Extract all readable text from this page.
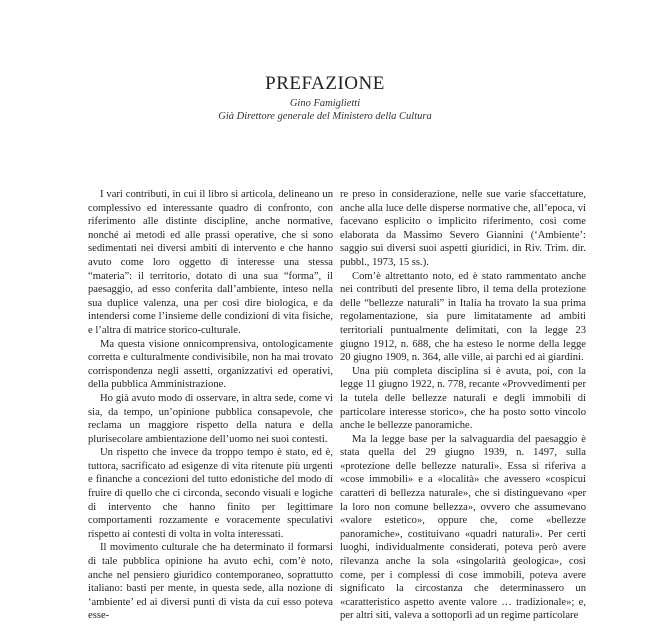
PREFAZIONE
Gino Famiglietti
Già Direttore generale del Ministero della Cultura

I vari contributi, in cui il libro si articola, delineano un complessivo ed interessante quadro di confronto, con riferimento alle distinte discipline, anche normative, nonché ai metodi ed alle prassi operative, che si sono sedimentati nei diversi ambiti di intervento e che hanno avuto come loro oggetto di interesse una stessa “materia”: il territorio, dotato di una sua “forma”, il paesaggio, ad esso conferita dall’ambiente, inteso nella sua duplice valenza, una per così dire biologica, e da intendersi come l’insieme delle condizioni di vita fisiche, e l’altra di matrice storico-culturale.

Ma questa visione onnicomprensiva, ontologicamente corretta e culturalmente condivisibile, non ha mai trovato corrispondenza negli assetti, organizzativi ed operativi, della pubblica Amministrazione.

Ho già avuto modo di osservare, in altra sede, come vi sia, da tempo, un’opinione pubblica consapevole, che reclama un maggiore rispetto della natura e della plurisecolare ambientazione dell’uomo nei suoi contesti.

Un rispetto che invece da troppo tempo è stato, ed è, tuttora, sacrificato ad esigenze di vita ritenute più urgenti e finanche a concezioni del tutto edonistiche del modo di fruire di quello che ci circonda, secondo visuali e logiche di intervento che hanno finito per legittimare comportamenti rozzamente e voracemente speculativi rispetto ai contesti di volta in volta interessati.

Il movimento culturale che ha determinato il formarsi di tale pubblica opinione ha avuto echi, com’è noto, anche nel pensiero giuridico contemporaneo, soprattutto italiano: basti per mente, in questa sede, alla nozione di ‘ambiente’ ed ai diversi punti di vista da cui esso poteva esse-

re preso in considerazione, nelle sue varie sfaccettature, anche alla luce delle disperse normative che, all’epoca, vi facevano esplicito o implicito riferimento, così come elaborata da Massimo Severo Giannini (‘Ambiente’: saggio sui diversi suoi aspetti giuridici, in Riv. Trim. dir. pubbl., 1973, 15 ss.).

Com’è altrettanto noto, ed è stato rammentato anche nei contributi del presente libro, il tema della protezione delle “bellezze naturali” in Italia ha trovato la sua prima regolamentazione, sia pure limitatamente ad ambiti territoriali puntualmente delimitati, con la legge 23 giugno 1912, n. 688, che ha esteso le norme della legge 20 giugno 1909, n. 364, alle ville, ai parchi ed ai giardini.

Una più completa disciplina si è avuta, poi, con la legge 11 giugno 1922, n. 778, recante «Provvedimenti per la tutela delle bellezze naturali e degli immobili di particolare interesse storico», che ha posto sotto vincolo anche le bellezze panoramiche.

Ma la legge base per la salvaguardia del paesaggio è stata quella del 29 giugno 1939, n. 1497, sulla «protezione delle bellezze naturali». Essa si riferiva a «cose immobili» e a «località» che avessero «cospicui caratteri di bellezza naturale», che si distinguevano «per la loro non comune bellezza», ovvero che assumevano «valore estetico», oppure che, come «bellezze panoramiche», costituivano «quadri naturali». Per certi luoghi, individualmente considerati, poteva però avere rilevanza anche la sola «singolarità geologica», così come, per i complessi di cose immobili, poteva avere significato la circostanza che determinassero un «caratteristico aspetto avente valore … tradizionale»; e, per altri siti, valeva a sottoporli ad un regime particolare
